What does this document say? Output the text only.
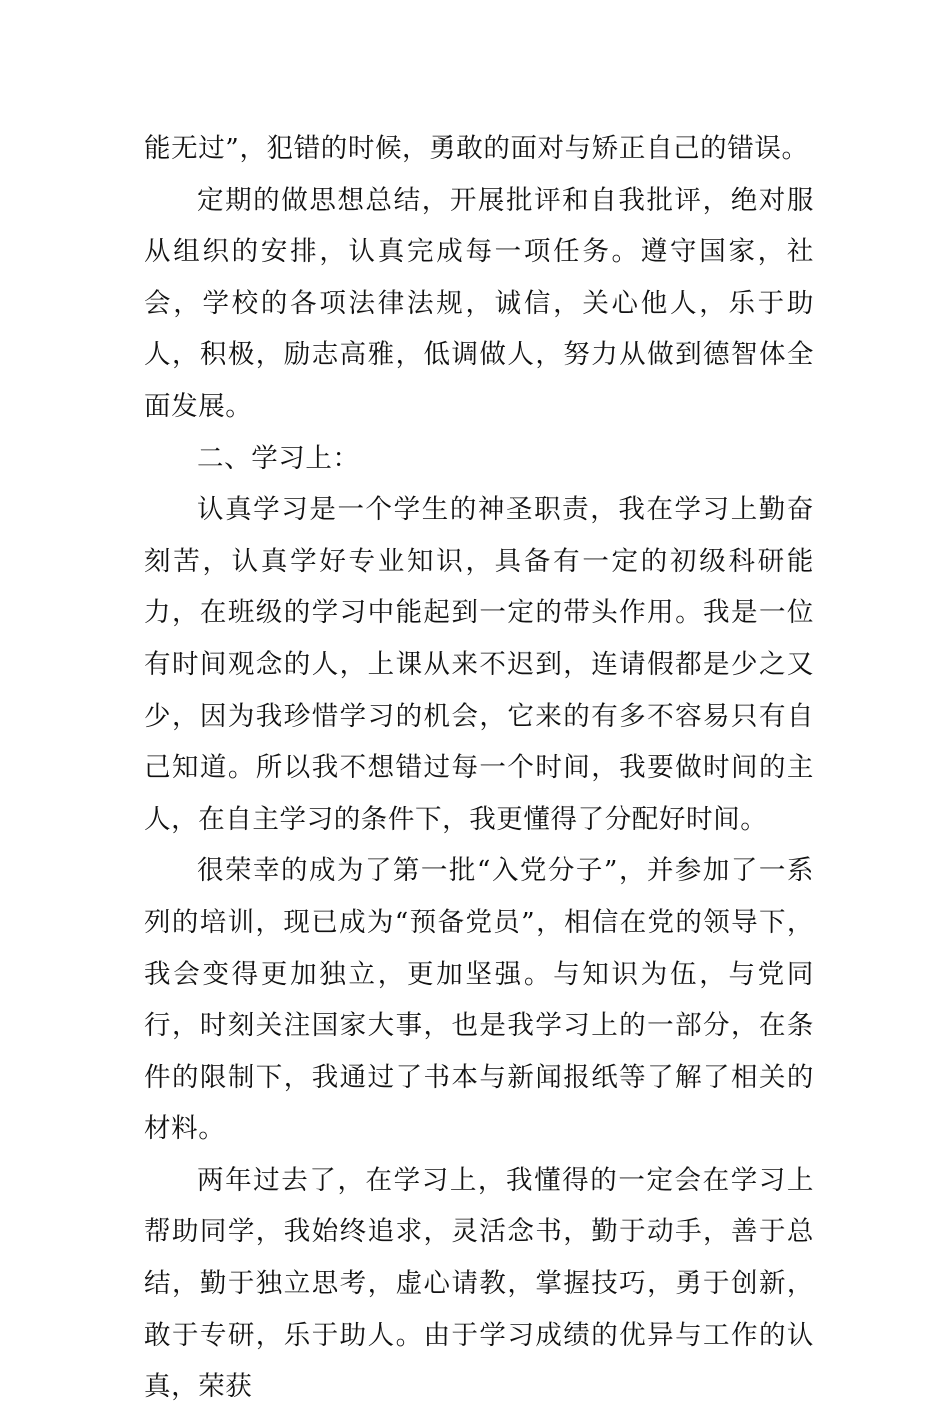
能无过”，犯错的时候，勇敢的面对与矫正自己的错误。

定期的做思想总结，开展批评和自我批评，绝对服从组织的安排，认真完成每一项任务。遵守国家，社会，学校的各项法律法规，诚信，关心他人，乐于助人，积极，励志高雅，低调做人，努力从做到德智体全面发展。

二、学习上：

认真学习是一个学生的神圣职责，我在学习上勤奋刻苦，认真学好专业知识，具备有一定的初级科研能力，在班级的学习中能起到一定的带头作用。我是一位有时间观念的人，上课从来不迟到，连请假都是少之又少，因为我珍惜学习的机会，它来的有多不容易只有自己知道。所以我不想错过每一个时间，我要做时间的主人，在自主学习的条件下，我更懂得了分配好时间。

很荣幸的成为了第一批“入党分子”，并参加了一系列的培训，现已成为“预备党员”，相信在党的领导下，我会变得更加独立，更加坚强。与知识为伍，与党同行，时刻关注国家大事，也是我学习上的一部分，在条件的限制下，我通过了书本与新闻报纸等了解了相关的材料。

两年过去了，在学习上，我懂得的一定会在学习上帮助同学，我始终追求，灵活念书，勤于动手，善于总结，勤于独立思考，虚心请教，掌握技巧，勇于创新，敢于专研，乐于助人。由于学习成绩的优异与工作的认真，荣获
